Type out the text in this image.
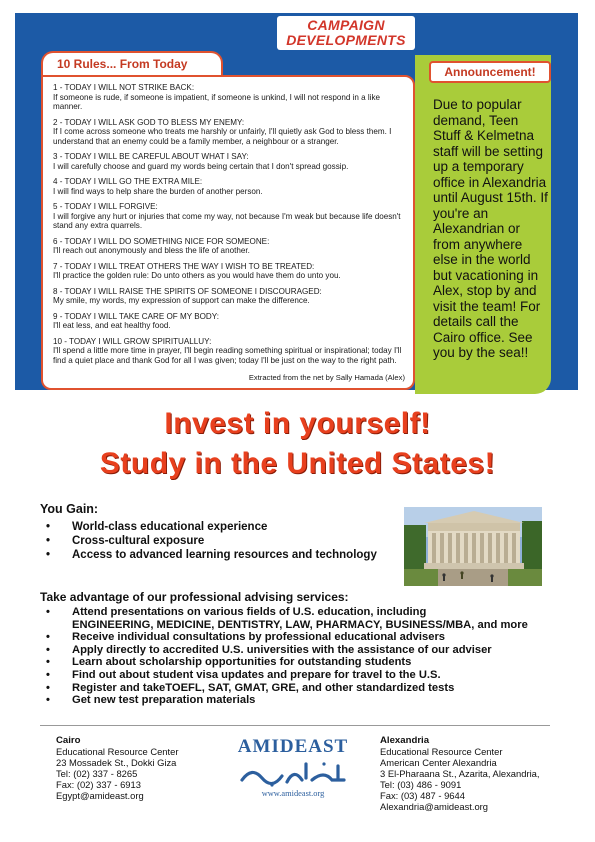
CAMPAIGN
DEVELOPMENTS
10 Rules... From Today
1 - TODAY I WILL NOT STRIKE BACK:
If someone is rude, if someone is impatient, if someone is unkind, I will not respond in a like manner.
2 - TODAY I WILL ASK GOD TO BLESS MY ENEMY:
If I come across someone who treats me harshly or unfairly, I'll quietly ask God to bless them. I understand that an enemy could be a family member, a neighbour or a stranger.
3 - TODAY I WILL BE CAREFUL ABOUT WHAT I SAY:
I will carefully choose and guard my words being certain that I don't spread gossip.
4 - TODAY I WILL GO THE EXTRA MILE:
I will find ways to help share the burden of another person.
5 - TODAY I WILL FORGIVE:
I will forgive any hurt or injuries that come my way, not because I'm weak but because life doesn't stand any extra quarrels.
6 - TODAY I WILL DO SOMETHING NICE FOR SOMEONE:
I'll reach out anonymously and bless the life of another.
7 - TODAY I WILL TREAT OTHERS THE WAY I WISH TO BE TREATED:
I'll practice the golden rule: Do unto others as you would have them do unto you.
8 - TODAY I WILL RAISE THE SPIRITS OF SOMEONE I DISCOURAGED:
My smile, my words, my expression of support can make the difference.
9 - TODAY I WILL TAKE CARE OF MY BODY:
I'll eat less, and eat healthy food.
10 - TODAY I WILL GROW SPIRITUALLUY:
I'll spend a little more time in prayer, I'll begin reading something spiritual or inspirational; today I'll find a quiet place and thank God for all I was given; today I'll be just on the way to the right path.
Extracted from the net by Sally Hamada (Alex)
Announcement!
Due to popular demand, Teen Stuff & Kelmetna staff will be setting up a temporary office in Alexandria until August 15th. If you're an Alexandrian or from anywhere else in the world but vacationing in Alex, stop by and visit the team! For details call the Cairo office. See you by the sea!!
Invest in yourself!
Study in the United States!
You Gain:
• World-class educational experience
• Cross-cultural exposure
• Access to advanced learning resources and technology
Take advantage of our professional advising services:
• Attend presentations on various fields of U.S. education, including
ENGINEERING, MEDICINE, DENTISTRY, LAW, PHARMACY, BUSINESS/MBA, and more
• Receive individual consultations by professional educational advisers
• Apply directly to accredited U.S. universities with the assistance of our adviser
• Learn about scholarship opportunities for outstanding students
• Find out about student visa updates and prepare for travel to the U.S.
• Register and takeTOEFL, SAT, GMAT, GRE, and other standardized tests
• Get new test preparation materials
Cairo
Educational Resource Center
23 Mossadek St., Dokki Giza
Tel: (02) 337 - 8265
Fax: (02) 337 - 6913
Egypt@amideast.org
AMIDEAST
www.amideast.org
Alexandria
Educational Resource Center
American Center Alexandria
3 El-Pharaana St., Azarita, Alexandria,
Tel: (03) 486 - 9091
Fax: (03) 487 - 9644
Alexandria@amideast.org
